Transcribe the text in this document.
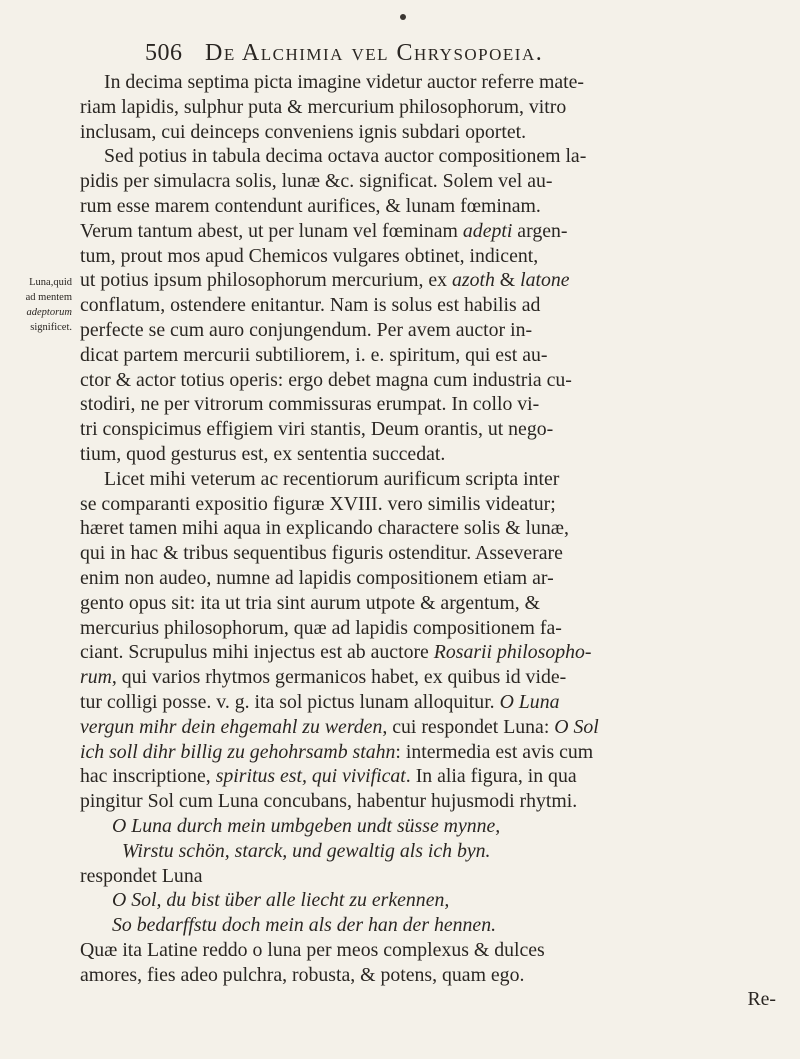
506 De Alchimia vel Chrysopoeia.
Luna,quid
ad mentem
adeptorum
significet.
In decima septima picta imagine videtur auctor referre mate-
riam lapidis, sulphur puta & mercurium philosophorum, vitro
inclusam, cui deinceps conveniens ignis subdari oportet.
Sed potius in tabula decima octava auctor compositionem la-
pidis per simulacra solis, lunæ &c. significat. Solem vel au-
rum esse marem contendunt aurifices, & lunam fœminam.
Verum tantum abest, ut per lunam vel fœminam adepti argen-
tum, prout mos apud Chemicos vulgares obtinet, indicent,
ut potius ipsum philosophorum mercurium, ex azoth & latone
conflatum, ostendere enitantur. Nam is solus est habilis ad
perfecte se cum auro conjungendum. Per avem auctor in-
dicat partem mercurii subtiliorem, i. e. spiritum, qui est au-
ctor & actor totius operis: ergo debet magna cum industria cu-
stodiri, ne per vitrorum commissuras erumpat. In collo vi-
tri conspicimus effigiem viri stantis, Deum orantis, ut nego-
tium, quod gesturus est, ex sententia succedat.
Licet mihi veterum ac recentiorum aurificum scripta inter
se comparanti expositio figuræ XVIII. vero similis videatur;
hæret tamen mihi aqua in explicando charactere solis & lunæ,
qui in hac & tribus sequentibus figuris ostenditur. Asseverare
enim non audeo, numne ad lapidis compositionem etiam ar-
gento opus sit: ita ut tria sint aurum utpote & argentum, &
mercurius philosophorum, quæ ad lapidis compositionem fa-
ciant. Scrupulus mihi injectus est ab auctore Rosarii philosopho-
rum, qui varios rhytmos germanicos habet, ex quibus id vide-
tur colligi posse. v. g. ita sol pictus lunam alloquitur. O Luna
vergun mihr dein ehgemahl zu werden, cui respondet Luna: O Sol
ich soll dihr billig zu gehohrsamb stahn: intermedia est avis cum
hac inscriptione, spiritus est, qui vivificat. In alia figura, in qua
pingitur Sol cum Luna concubans, habentur hujusmodi rhytmi.
O Luna durch mein umbgeben undt süsse mynne,
Wirstu schön, starck, und gewaltig als ich byn.
respondet Luna
O Sol, du bist über alle liecht zu erkennen,
So bedarffstu doch mein als der han der hennen.
Quæ ita Latine reddo o luna per meos complexus & dulces
amores, fies adeo pulchra, robusta, & potens, quam ego.
Re-
